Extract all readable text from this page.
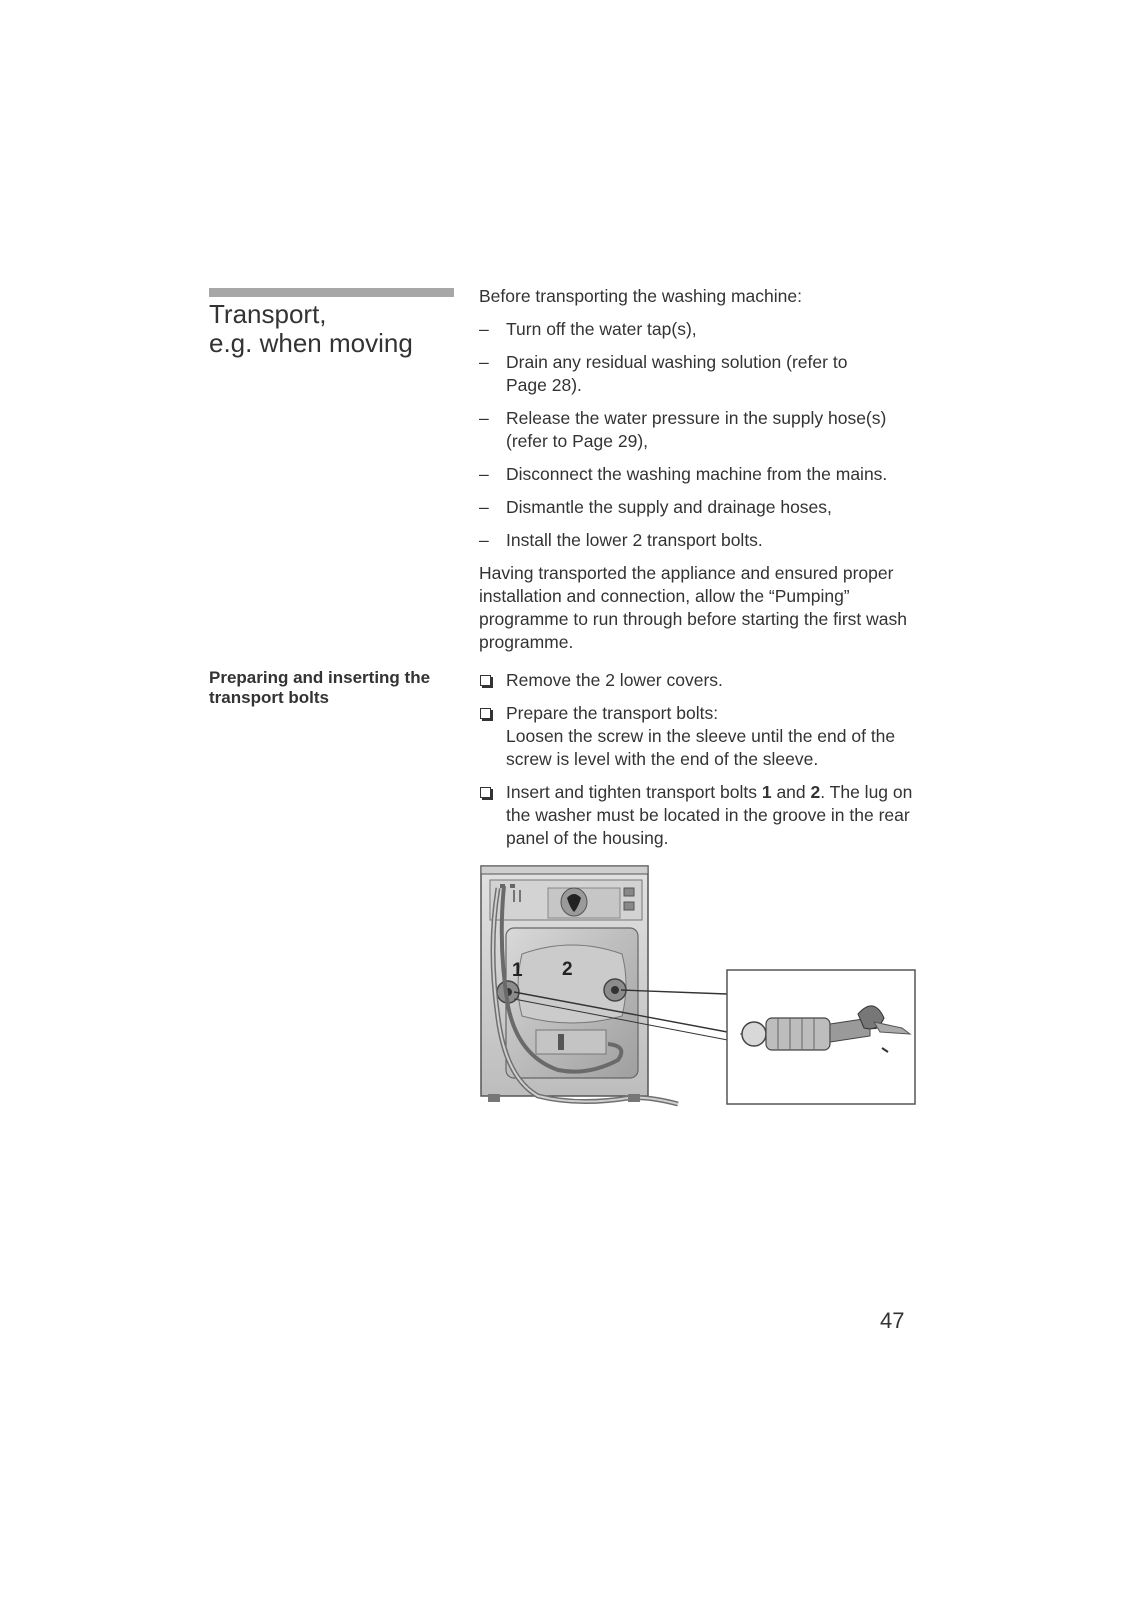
Transport,
e.g. when moving
Preparing and inserting the transport bolts

Before transporting the washing machine:

– Turn off the water tap(s),

– Drain any residual washing solution (refer to Page 28).

– Release the water pressure in the supply hose(s) (refer to Page 29),

– Disconnect the washing machine from the mains.

– Dismantle the supply and drainage hoses,

– Install the lower 2 transport bolts.

Having transported the appliance and ensured proper installation and connection, allow the “Pumping” programme to run through before starting the first wash programme.

Remove the 2 lower covers.

Prepare the transport bolts:
Loosen the screw in the sleeve until the end of the screw is level with the end of the sleeve.

Insert and tighten transport bolts 1 and 2. The lug on the washer must be located in the groove in the rear panel of the housing.

1 2
47
